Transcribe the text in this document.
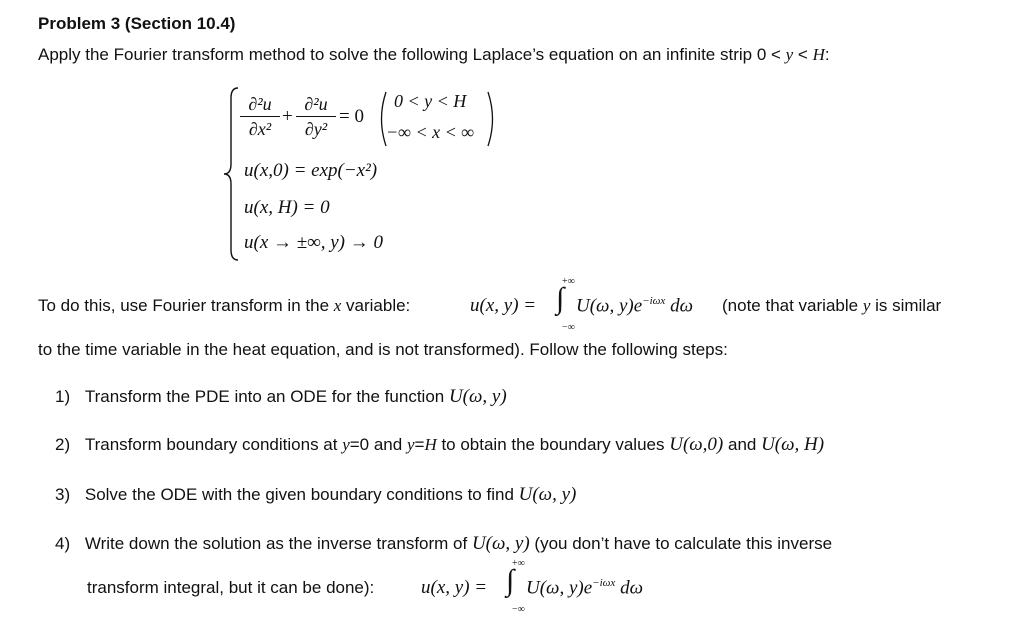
Problem 3 (Section 10.4)
Apply the Fourier transform method to solve the following Laplace’s equation on an infinite strip 0 < y < H:
∂²u
∂x²
+
∂²u
∂y²
= 0
0 < y < H
−∞ < x < ∞
u(x,0) = exp(−x²)
u(x, H) = 0
u(x → ±∞, y) → 0
To do this, use Fourier transform in the x variable:	u(x, y) =
+∞
∫
−∞
U(ω, $y)e^{-i\omega x}$ dω (note that variable y is similar
to the time variable in the heat equation, and is not transformed). Follow the following steps:
1) Transform the PDE into an ODE for the function U(ω, y)
2) Transform boundary conditions at y=0 and y=H to obtain the boundary values U(ω,0) and U(ω, H)
3) Solve the ODE with the given boundary conditions to find U(ω, y)
4) Write down the solution as the inverse transform of U(ω, y) (you don’t have to calculate this inverse
transform integral, but it can be done): u(x, y) =
+∞
∫
−∞
U(ω, $y)e^{-i\omega x}$ dω
